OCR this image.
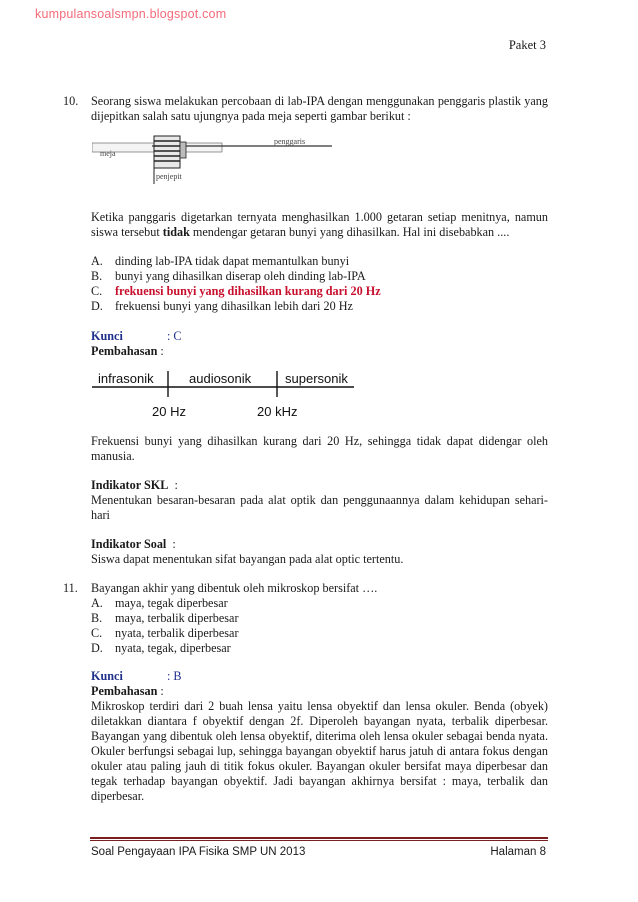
kumpulansoalsmpn.blogspot.com
Paket 3
10. Seorang siswa melakukan percobaan di lab-IPA dengan menggunakan penggaris plastik yang dijepitkan salah satu ujungnya pada meja seperti gambar berikut :
meja
penggaris
penjepit
Ketika panggaris digetarkan ternyata menghasilkan 1.000 getaran setiap menitnya, namun siswa tersebut tidak mendengar getaran bunyi yang dihasilkan. Hal ini disebabkan ....
A. dinding lab-IPA tidak dapat memantulkan bunyi
B. bunyi yang dihasilkan diserap oleh dinding lab-IPA
C. frekuensi bunyi yang dihasilkan kurang dari 20 Hz
D. frekuensi bunyi yang dihasilkan lebih dari 20 Hz
Kunci	: C
Pembahasan :
infrasonik	audiosonik	supersonik
20 Hz	20 kHz
Frekuensi bunyi yang dihasilkan kurang dari 20 Hz, sehingga tidak dapat didengar oleh manusia.
Indikator SKL :
Menentukan besaran-besaran pada alat optik dan penggunaannya dalam kehidupan sehari-hari
Indikator Soal :
Siswa dapat menentukan sifat bayangan pada alat optic tertentu.
11. Bayangan akhir yang dibentuk oleh mikroskop bersifat ….
A. maya, tegak diperbesar
B. maya, terbalik diperbesar
C. nyata, terbalik diperbesar
D. nyata, tegak, diperbesar
Kunci	: B
Pembahasan :
Mikroskop terdiri dari 2 buah lensa yaitu lensa obyektif dan lensa okuler. Benda (obyek) diletakkan diantara f obyektif dengan 2f. Diperoleh bayangan nyata, terbalik diperbesar. Bayangan yang dibentuk oleh lensa obyektif, diterima oleh lensa okuler sebagai benda nyata. Okuler berfungsi sebagai lup, sehingga bayangan obyektif harus jatuh di antara fokus dengan okuler atau paling jauh di titik fokus okuler. Bayangan okuler bersifat maya diperbesar dan tegak terhadap bayangan obyektif. Jadi bayangan akhirnya bersifat : maya, terbalik dan diperbesar.
Soal Pengayaan IPA Fisika SMP UN 2013	Halaman 8
